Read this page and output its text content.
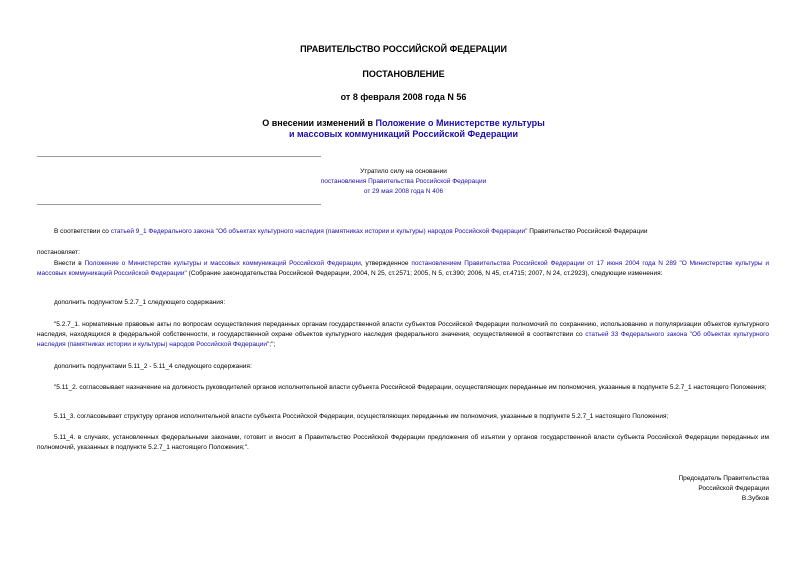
ПРАВИТЕЛЬСТВО РОССИЙСКОЙ ФЕДЕРАЦИИ
ПОСТАНОВЛЕНИЕ
от 8 февраля 2008 года N 56
О внесении изменений в Положение о Министерстве культуры
и массовых коммуникаций Российской Федерации
Утратило силу на основании
постановления Правительства Российской Федерации
от 29 мая 2008 года N 406
В соответствии со статьей 9_1 Федерального закона "Об объектах культурного наследия (памятниках истории и культуры) народов Российской Федерации" Правительство Российской Федерации
постановляет:
Внести в Положение о Министерстве культуры и массовых коммуникаций Российской Федерации, утвержденное постановлением Правительства Российской Федерации от 17 июня 2004 года N 289 "О Министерстве культуры и массовых коммуникаций Российской Федерации" (Собрание законодательства Российской Федерации, 2004, N 25, ст.2571; 2005, N 5, ст.390; 2006, N 45, ст.4715; 2007, N 24, ст.2923), следующие изменения:
дополнить подпунктом 5.2.7_1 следующего содержания:
"5.2.7_1. нормативные правовые акты по вопросам осуществления переданных органам государственной власти субъектов Российской Федерации полномочий по сохранению, использованию и популяризации объектов культурного наследия, находящихся в федеральной собственности, и государственной охране объектов культурного наследия федерального значения, осуществляемой в соответствии со статьей 33 Федерального закона "Об объектах культурного наследия (памятниках истории и культуры) народов Российской Федерации";";
дополнить подпунктами 5.11_2 - 5.11_4 следующего содержания:
"5.11_2. согласовывает назначение на должность руководителей органов исполнительной власти субъекта Российской Федерации, осуществляющих переданные им полномочия, указанные в подпункте 5.2.7_1 настоящего Положения;
5.11_3. согласовывает структуру органов исполнительной власти субъекта Российской Федерации, осуществляющих переданные им полномочия, указанные в подпункте 5.2.7_1 настоящего Положения;
5.11_4. в случаях, установленных федеральными законами, готовит и вносит в Правительство Российской Федерации предложения об изъятии у органов государственной власти субъекта Российской Федерации переданных им полномочий, указанных в подпункте 5.2.7_1 настоящего Положения;".
Председатель Правительства
Российской Федерации
В.Зубков
